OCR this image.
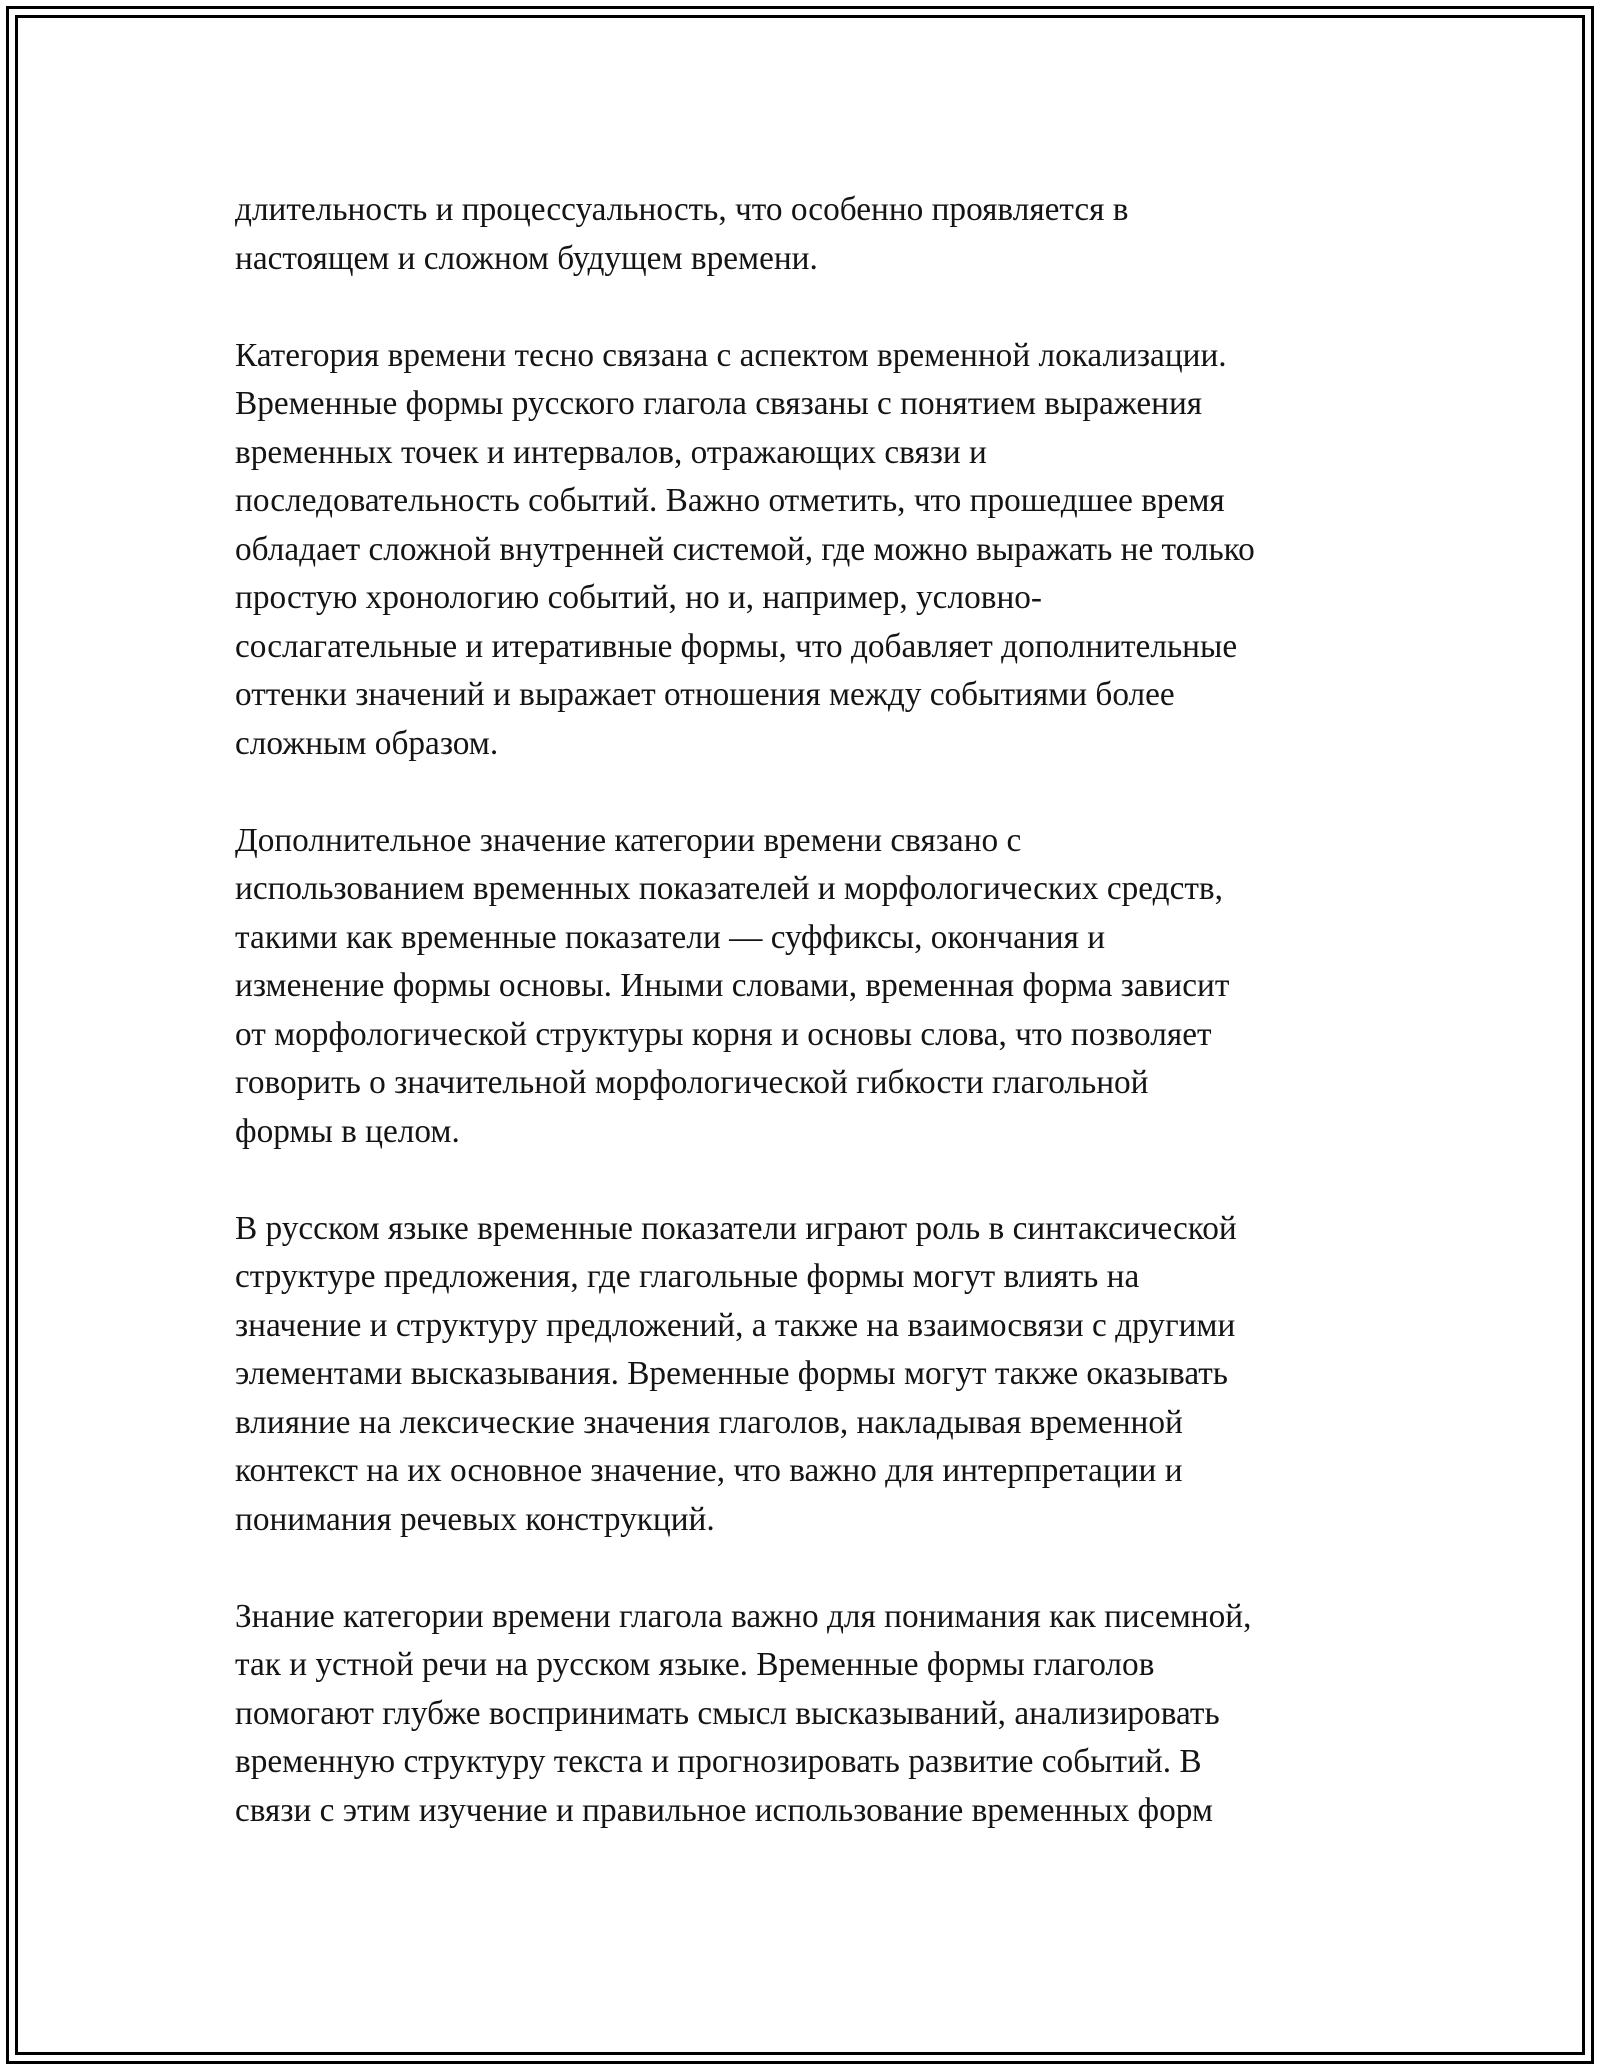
длительность и процессуальность, что особенно проявляется в
настоящем и сложном будущем времени.
Категория времени тесно связана с аспектом временной локализации.
Временные формы русского глагола связаны с понятием выражения
временных точек и интервалов, отражающих связи и
последовательность событий. Важно отметить, что прошедшее время
обладает сложной внутренней системой, где можно выражать не только
простую хронологию событий, но и, например, условно-
сослагательные и итеративные формы, что добавляет дополнительные
оттенки значений и выражает отношения между событиями более
сложным образом.
Дополнительное значение категории времени связано с
использованием временных показателей и морфологических средств,
такими как временные показатели — суффиксы, окончания и
изменение формы основы. Иными словами, временная форма зависит
от морфологической структуры корня и основы слова, что позволяет
говорить о значительной морфологической гибкости глагольной
формы в целом.
В русском языке временные показатели играют роль в синтаксической
структуре предложения, где глагольные формы могут влиять на
значение и структуру предложений, а также на взаимосвязи с другими
элементами высказывания. Временные формы могут также оказывать
влияние на лексические значения глаголов, накладывая временной
контекст на их основное значение, что важно для интерпретации и
понимания речевых конструкций.
Знание категории времени глагола важно для понимания как писемной,
так и устной речи на русском языке. Временные формы глаголов
помогают глубже воспринимать смысл высказываний, анализировать
временную структуру текста и прогнозировать развитие событий. В
связи с этим изучение и правильное использование временных форм
